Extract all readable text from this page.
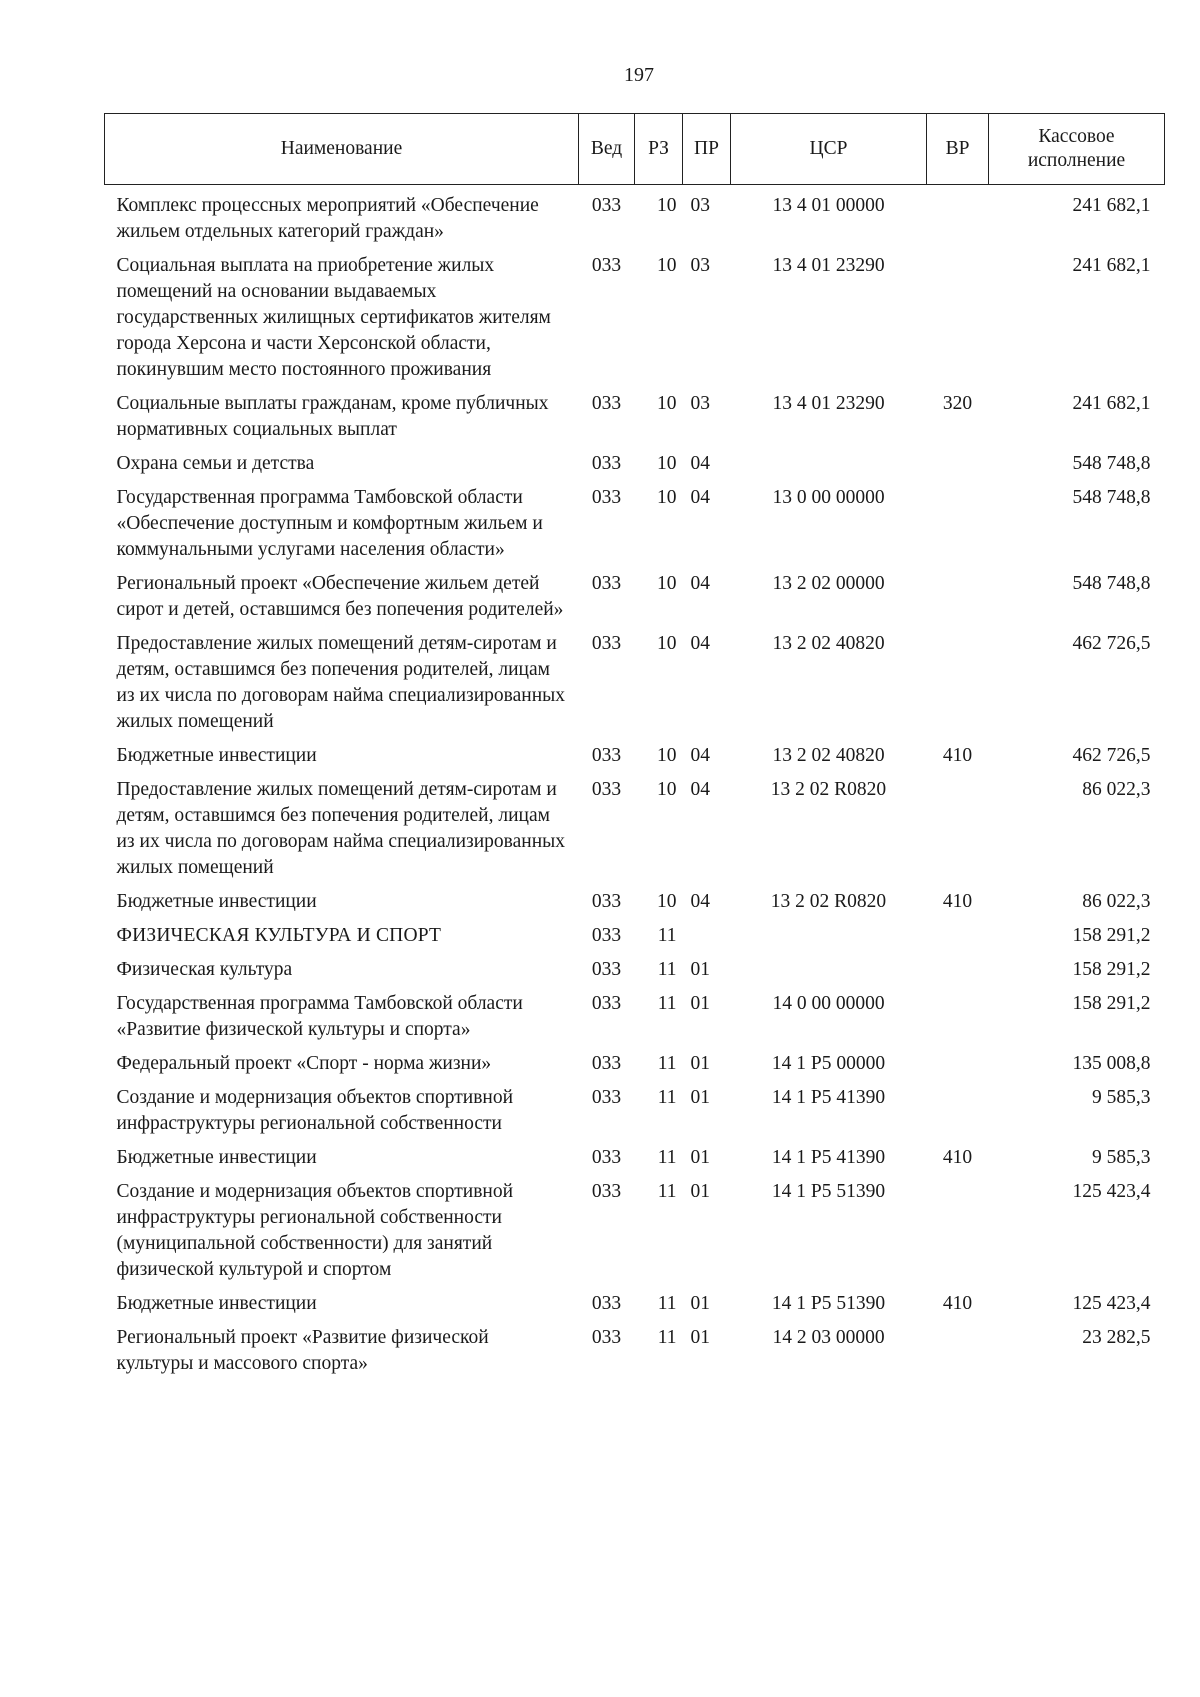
197
Наименование	Вед	РЗ	ПР	ЦСР	ВР	Кассовое исполнение
Комплекс процессных мероприятий «Обеспечение жильем отдельных категорий граждан»	033	10	03	13 4 01 00000		241 682,1
Социальная выплата на приобретение жилых помещений на основании выдаваемых государственных жилищных сертификатов жителям города Херсона и части Херсонской области, покинувшим место постоянного проживания	033	10	03	13 4 01 23290		241 682,1
Социальные выплаты гражданам, кроме публичных нормативных социальных выплат	033	10	03	13 4 01 23290	320	241 682,1
Охрана семьи и детства	033	10	04			548 748,8
Государственная программа Тамбовской области «Обеспечение доступным и комфортным жильем и коммунальными услугами населения области»	033	10	04	13 0 00 00000		548 748,8
Региональный проект «Обеспечение жильем детей сирот и детей, оставшимся без попечения родителей»	033	10	04	13 2 02 00000		548 748,8
Предоставление жилых помещений детям-сиротам и детям, оставшимся без попечения родителей, лицам из их числа по договорам найма специализированных жилых помещений	033	10	04	13 2 02 40820		462 726,5
Бюджетные инвестиции	033	10	04	13 2 02 40820	410	462 726,5
Предоставление жилых помещений детям-сиротам и детям, оставшимся без попечения родителей, лицам из их числа по договорам найма специализированных жилых помещений	033	10	04	13 2 02 R0820		86 022,3
Бюджетные инвестиции	033	10	04	13 2 02 R0820	410	86 022,3
ФИЗИЧЕСКАЯ КУЛЬТУРА И СПОРТ	033	11				158 291,2
Физическая культура	033	11	01			158 291,2
Государственная программа Тамбовской области «Развитие физической культуры и спорта»	033	11	01	14 0 00 00000		158 291,2
Федеральный проект «Спорт - норма жизни»	033	11	01	14 1 P5 00000		135 008,8
Создание и модернизация объектов спортивной инфраструктуры региональной собственности	033	11	01	14 1 P5 41390		9 585,3
Бюджетные инвестиции	033	11	01	14 1 P5 41390	410	9 585,3
Создание и модернизация объектов спортивной инфраструктуры региональной собственности (муниципальной собственности) для занятий физической культурой и спортом	033	11	01	14 1 P5 51390		125 423,4
Бюджетные инвестиции	033	11	01	14 1 P5 51390	410	125 423,4
Региональный проект «Развитие физической культуры и массового спорта»	033	11	01	14 2 03 00000		23 282,5
